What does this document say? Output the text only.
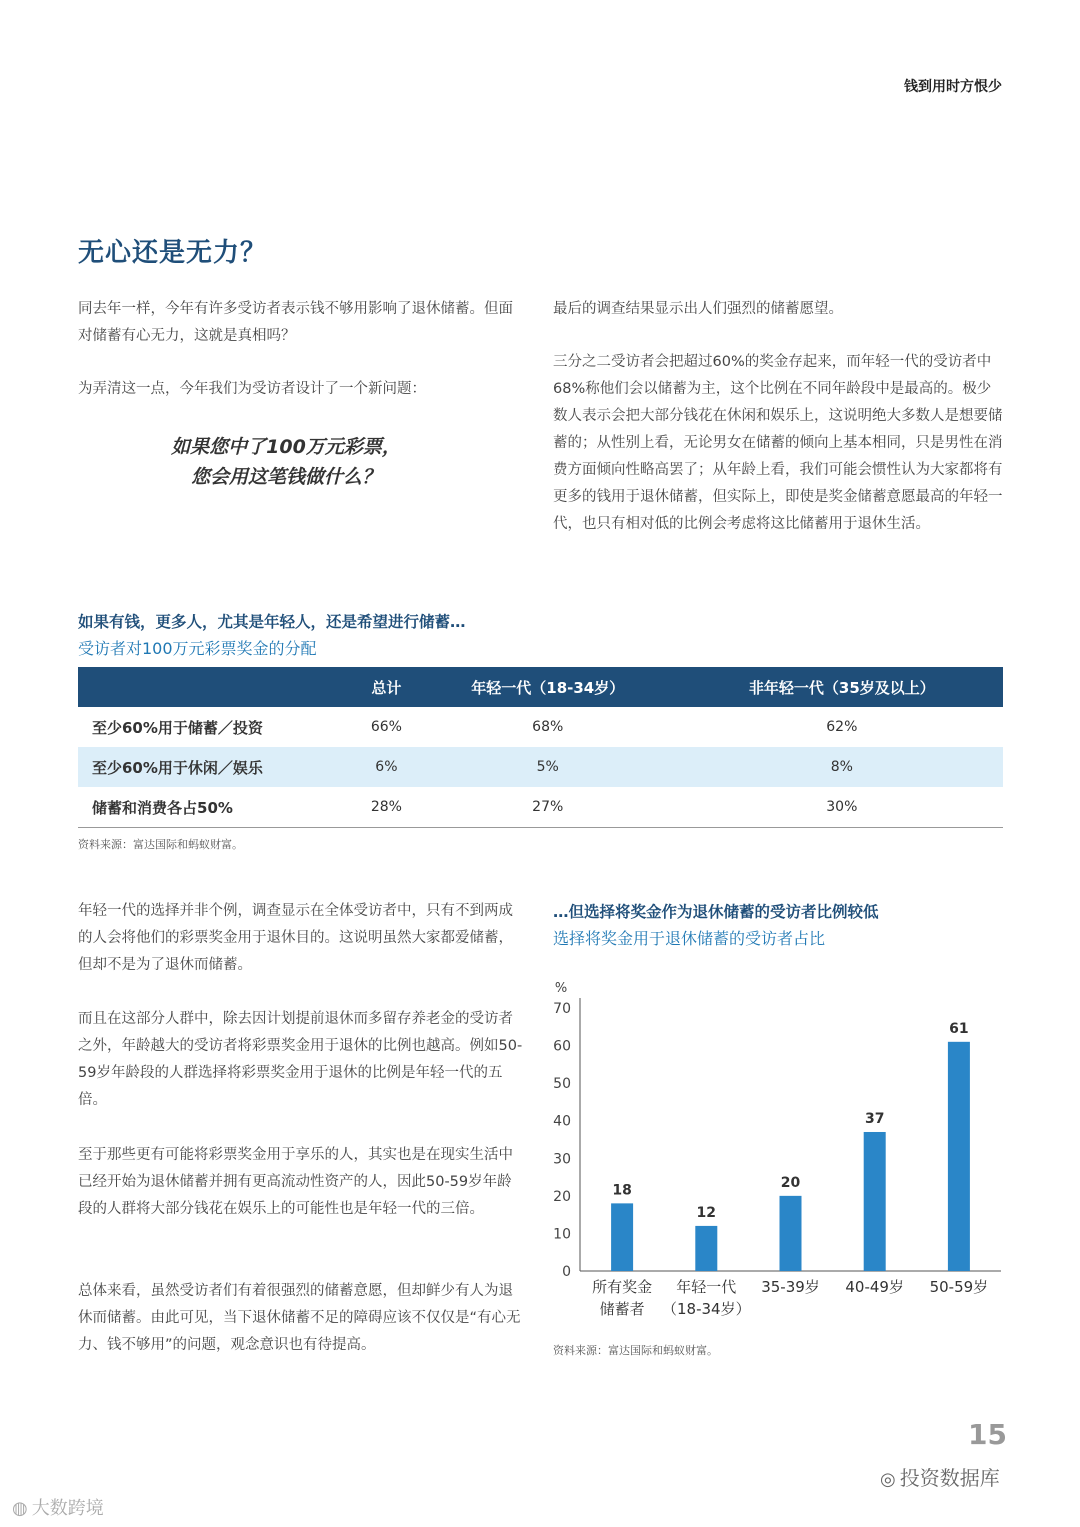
钱到用时方恨少
无心还是无力？

同去年一样，今年有许多受访者表示钱不够用影响了退休储蓄。但面对储蓄有心无力，这就是真相吗？

为弄清这一点，今年我们为受访者设计了一个新问题：

如果您中了100万元彩票，
您会用这笔钱做什么？

最后的调查结果显示出人们强烈的储蓄愿望。

三分之二受访者会把超过60%的奖金存起来，而年轻一代的受访者中68%称他们会以储蓄为主，这个比例在不同年龄段中是最高的。极少数人表示会把大部分钱花在休闲和娱乐上，这说明绝大多数人是想要储蓄的；从性别上看，无论男女在储蓄的倾向上基本相同，只是男性在消费方面倾向性略高罢了；从年龄上看，我们可能会惯性认为大家都将有更多的钱用于退休储蓄，但实际上，即使是奖金储蓄意愿最高的年轻一代，也只有相对低的比例会考虑将这比储蓄用于退休生活。

如果有钱，更多人，尤其是年轻人，还是希望进行储蓄…
受访者对100万元彩票奖金的分配
	总计	年轻一代（18-34岁）	非年轻一代（35岁及以上）
至少60%用于储蓄／投资	66%	68%	62%
至少60%用于休闲／娱乐	6%	5%	8%
储蓄和消费各占50%	28%	27%	30%
资料来源：富达国际和蚂蚁财富。

年轻一代的选择并非个例，调查显示在全体受访者中，只有不到两成的人会将他们的彩票奖金用于退休目的。这说明虽然大家都爱储蓄，但却不是为了退休而储蓄。

而且在这部分人群中，除去因计划提前退休而多留存养老金的受访者之外，年龄越大的受访者将彩票奖金用于退休的比例也越高。例如50-59岁年龄段的人群选择将彩票奖金用于退休的比例是年轻一代的五倍。

至于那些更有可能将彩票奖金用于享乐的人，其实也是在现实生活中已经开始为退休储蓄并拥有更高流动性资产的人，因此50-59岁年龄段的人群将大部分钱花在娱乐上的可能性也是年轻一代的三倍。

总体来看，虽然受访者们有着很强烈的储蓄意愿，但却鲜少有人为退休而储蓄。由此可见，当下退休储蓄不足的障碍应该不仅仅是“有心无力、钱不够用”的问题，观念意识也有待提高。

…但选择将奖金作为退休储蓄的受访者比例较低
选择将奖金用于退休储蓄的受访者占比
%
0
10
20
30
40
50
60
70
18
所有奖金
储蓄者
12
年轻一代
（18-34岁）
20
35-39岁
37
40-49岁
61
50-59岁
资料来源：富达国际和蚂蚁财富。
15
◎ 投资数据库
◍ 大数跨境
